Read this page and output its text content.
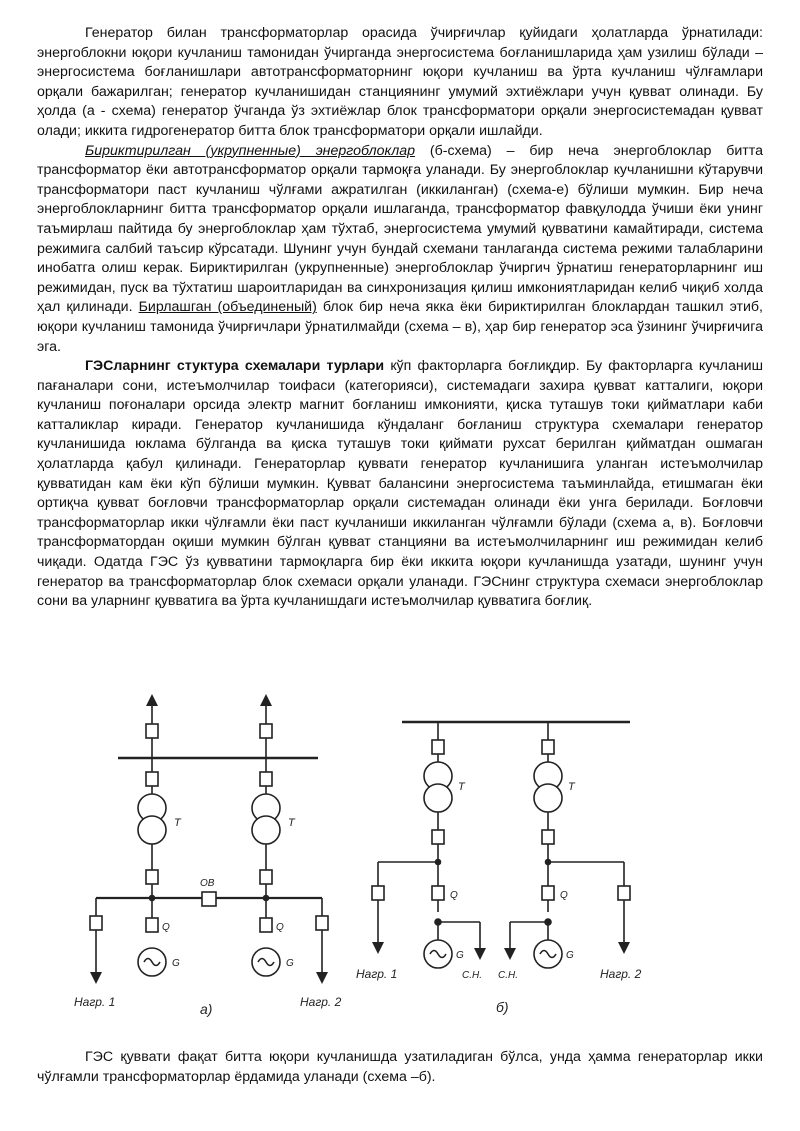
Генератор билан трансформаторлар орасида ўчирғичлар қуйидаги ҳолатларда ўрнатилади: энергоблокни юқори кучланиш тамонидан ўчирганда энергосистема боғланишларида ҳам узилиш бўлади – энергосистема боғланишлари автотрансформаторнинг юқори кучланиш ва ўрта кучланиш чўлғамлари орқали бажарилган; генератор кучланишидан станциянинг умумий эхтиёжлари учун қувват олинади. Бу ҳолда (а - схема) генератор ўчганда ўз эхтиёжлар блок трансформатори орқали энергосистемадан қувват олади; иккита гидрогенератор битта блок трансформатори орқали ишлайди.

Бириктирилган (укрупненные) энергоблоклар (б-схема) – бир неча энергоблоклар битта трансформатор ёки автотрансформатор орқали тармоқға уланади. Бу энергоблоклар кучланишни кўтарувчи трансформатори паст кучланиш чўлғами ажратилган (иккиланган) (схема-е) бўлиши мумкин. Бир неча энергоблокларнинг битта трансформатор орқали ишлаганда, трансформатор фавқулодда ўчиши ёки унинг таъмирлаш пайтида бу энергоблоклар ҳам тўхтаб, энергосистема умумий қувватини камайтиради, система режимига салбий таъсир кўрсатади. Шунинг учун бундай схемани танлаганда система режими талабларини инобатга олиш керак. Бириктирилган (укрупненные) энергоблоклар ўчиргич ўрнатиш генераторларнинг иш режимидан, пуск ва тўхтатиш шароитларидан ва синхронизация қилиш имкониятларидан келиб чиқиб холда ҳал қилинади. Бирлашган (объединеный) блок бир неча якка ёки бириктирилган блоклардан ташкил этиб, юқори кучланиш тамонида ўчирғичлари ўрнатилмайди (схема – в), ҳар бир генератор эса ўзининг ўчирғичига эга.

ГЭСларнинг стуктура схемалари турлари кўп факторларга боғлиқдир. Бу факторларга кучланиш пағаналари сони, истеъмолчилар тоифаси (категорияси), системадаги захира қувват катталиги, юқори кучланиш поғоналари орсида электр магнит боғланиш имконияти, қиска туташув токи қийматлари каби катталиклар киради. Генератор кучланишида кўндаланг боғланиш структура схемалари генератор кучланишида юклама бўлганда ва қиска туташув токи қиймати рухсат берилган қийматдан ошмаган ҳолатларда қабул қилинади. Генераторлар қуввати генератор кучланишига уланган истеъмолчилар қувватидан кам ёки кўп бўлиши мумкин. Қувват балансини энергосистема таъминлайда, етишмаган ёки ортиқча қувват боғловчи трансформаторлар орқали системадан олинади ёки унга берилади. Боғловчи трансформаторлар икки чўлғамли ёки паст кучланиши иккиланган чўлғамли бўлади (схема а, в). Боғловчи трансформатордан оқиши мумкин бўлган қувват станцияни ва истеъмолчиларнинг иш режимидан келиб чиқади. Одатда ГЭС ўз қувватини тармоқларга бир ёки иккита юқори кучланишда узатади, шунинг учун генератор ва трансформаторлар блок схемаси орқали уланади. ГЭСнинг структура схемаси энергоблоклар сони ва уларнинг қувватига ва ўрта кучланишдаги истеъмолчилар қувватига боғлиқ.

T	T
ОВ
Q	Q
G	G
Нагр. 1	Нагр. 2
а)
T	T
Q	Q
G	G
С.Н. С.Н.
Нагр. 1	Нагр. 2
б)

ГЭС қуввати фақат битта юқори кучланишда узатиладиган бўлса, унда ҳамма генераторлар икки чўлғамли трансформаторлар ёрдамида уланади (схема –б).
